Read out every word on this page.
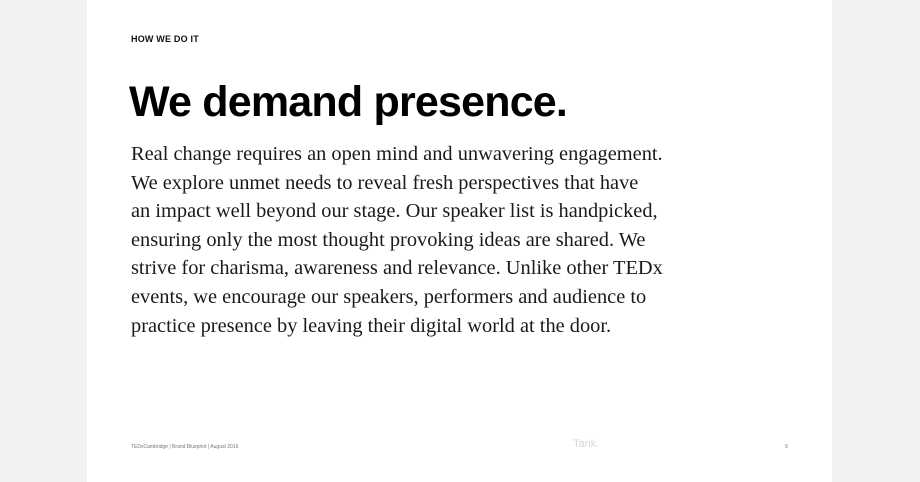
HOW WE DO IT
We demand presence.
Real change requires an open mind and unwavering engagement.
We explore unmet needs to reveal fresh perspectives that have
an impact well beyond our stage. Our speaker list is handpicked,
ensuring only the most thought provoking ideas are shared. We
strive for charisma, awareness and relevance. Unlike other TEDx
events, we encourage our speakers, performers and audience to
practice presence by leaving their digital world at the door.
TEDxCambridge | Brand Blueprint | August 2016	Tank.	9
